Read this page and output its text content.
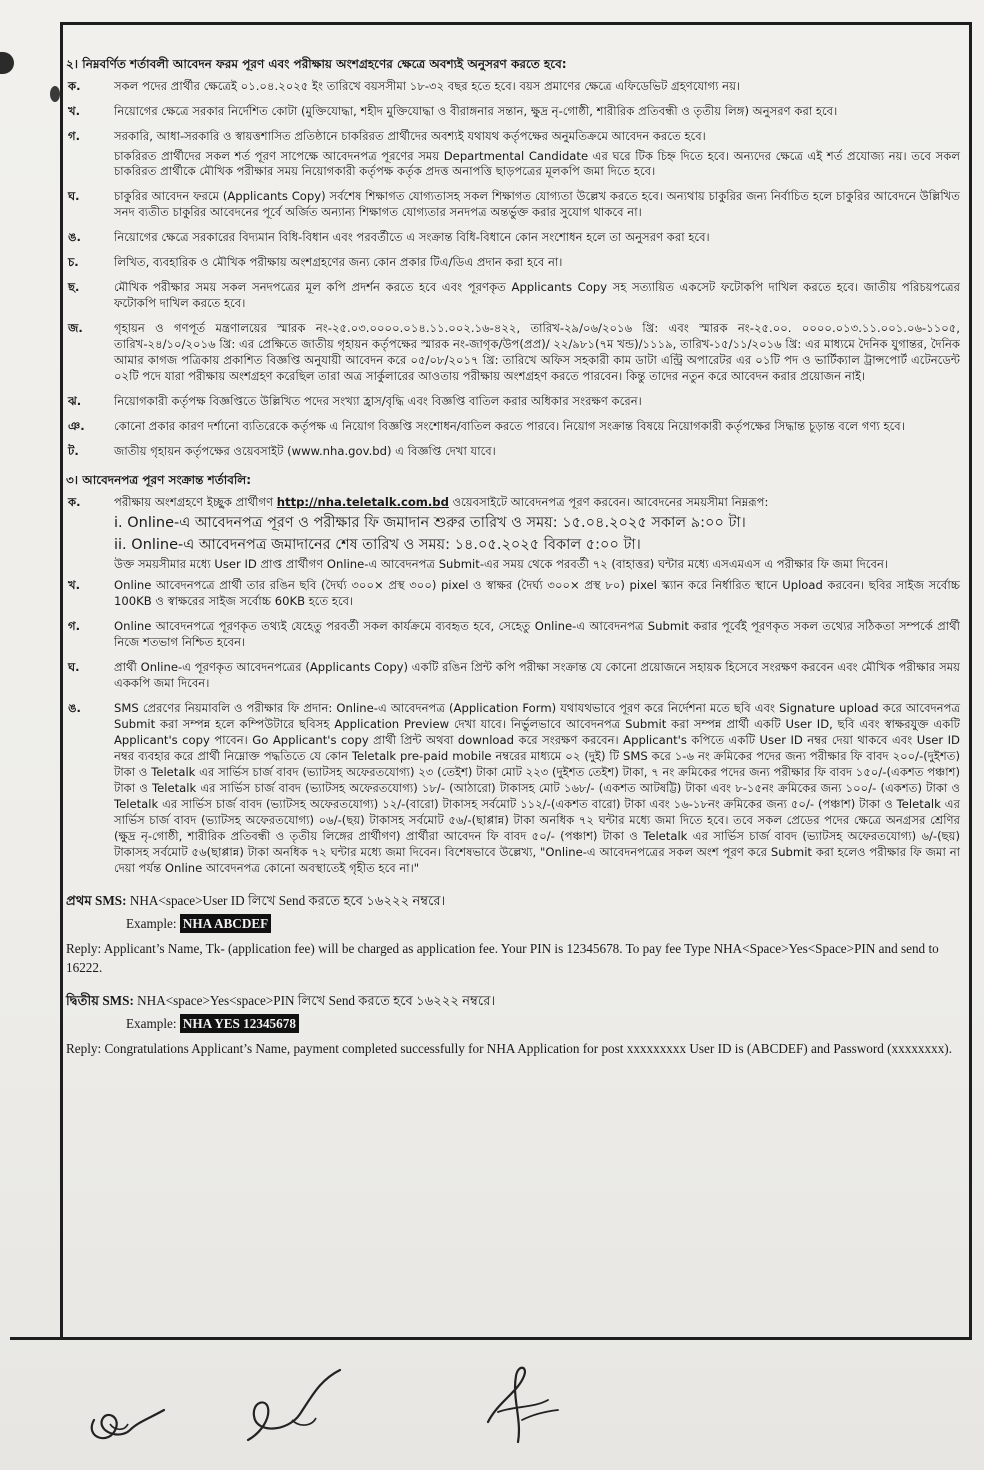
২। নিম্নবর্ণিত শর্তাবলী আবেদন ফরম পূরণ এবং পরীক্ষায় অংশগ্রহণের ক্ষেত্রে অবশ্যই অনুসরণ করতে হবে:
ক.	সকল পদের প্রার্থীর ক্ষেত্রেই ০১.০৪.২০২৫ ইং তারিখে বয়সসীমা ১৮-৩২ বছর হতে হবে। বয়স প্রমাণের ক্ষেত্রে এফিডেভিট গ্রহণযোগ্য নয়।

খ.	নিয়োগের ক্ষেত্রে সরকার নির্দেশিত কোটা (মুক্তিযোদ্ধা, শহীদ মুক্তিযোদ্ধা ও বীরাঙ্গনার সন্তান, ক্ষুদ্র নৃ-গোষ্ঠী, শারীরিক প্রতিবন্ধী ও তৃতীয় লিঙ্গ) অনুসরণ করা হবে।

গ.	সরকারি, আধা-সরকারি ও স্বায়ত্তশাসিত প্রতিষ্ঠানে চাকরিরত প্রার্থীদের অবশ্যই যথাযথ কর্তৃপক্ষের অনুমতিক্রমে আবেদন করতে হবে।

চাকরিরত প্রার্থীদের সকল শর্ত পূরণ সাপেক্ষে আবেদনপত্র পূরণের সময় Departmental Candidate এর ঘরে টিক চিহ্ন দিতে হবে। অন্যদের ক্ষেত্রে এই শর্ত প্রযোজ্য নয়। তবে সকল চাকরিরত প্রার্থীকে মৌখিক পরীক্ষার সময় নিয়োগকারী কর্তৃপক্ষ কর্তৃক প্রদত্ত অনাপত্তি ছাড়পত্রের মূলকপি জমা দিতে হবে।

ঘ.	চাকুরির আবেদন ফরমে (Applicants Copy) সর্বশেষ শিক্ষাগত যোগ্যতাসহ সকল শিক্ষাগত যোগ্যতা উল্লেখ করতে হবে। অন্যথায় চাকুরির জন্য নির্বাচিত হলে চাকুরির আবেদনে উল্লিখিত সনদ ব্যতীত চাকুরির আবেদনের পূর্বে অর্জিত অন্যান্য শিক্ষাগত যোগ্যতার সনদপত্র অন্তর্ভুক্ত করার সুযোগ থাকবে না।

ঙ.	নিয়োগের ক্ষেত্রে সরকারের বিদ্যমান বিধি-বিধান এবং পরবর্তীতে এ সংক্রান্ত বিধি-বিধানে কোন সংশোধন হলে তা অনুসরণ করা হবে।

চ.	লিখিত, ব্যবহারিক ও মৌখিক পরীক্ষায় অংশগ্রহণের জন্য কোন প্রকার টিএ/ডিএ প্রদান করা হবে না।

ছ.	মৌখিক পরীক্ষার সময় সকল সনদপত্রের মূল কপি প্রদর্শন করতে হবে এবং পূরণকৃত Applicants Copy সহ সত্যায়িত একসেট ফটোকপি দাখিল করতে হবে। জাতীয় পরিচয়পত্রের ফটোকপি দাখিল করতে হবে।

জ.	গৃহায়ন ও গণপূর্ত মন্ত্রণালয়ের স্মারক নং-২৫.০৩.০০০০.০১৪.১১.০০২.১৬-৪২২, তারিখ-২৯/০৬/২০১৬ খ্রি: এবং স্মারক নং-২৫.০০. ০০০০.০১৩.১১.০০১.০৬-১১০৫, তারিখ-২৪/১০/২০১৬ খ্রি: এর প্রেক্ষিতে জাতীয় গৃহায়ন কর্তৃপক্ষের স্মারক নং-জাগৃক/উপ(প্রপ্র)/ ২২/৯৮১(৭ম খন্ড)/১১১৯, তারিখ-১৫/১১/২০১৬ খ্রি: এর মাধ্যমে দৈনিক যুগান্তর, দৈনিক আমার কাগজ পত্রিকায় প্রকাশিত বিজ্ঞপ্তি অনুযায়ী আবেদন করে ০৫/০৮/২০১৭ খ্রি: তারিখে অফিস সহকারী কাম ডাটা এন্ট্রি অপারেটর এর ০১টি পদ ও ভার্টিক্যাল ট্রান্সপোর্ট এটেনডেন্ট ০২টি পদে যারা পরীক্ষায় অংশগ্রহণ করেছিল তারা অত্র সার্কুলারের আওতায় পরীক্ষায় অংশগ্রহণ করতে পারবেন। কিন্তু তাদের নতুন করে আবেদন করার প্রয়োজন নাই।

ঝ.	নিয়োগকারী কর্তৃপক্ষ বিজ্ঞপ্তিতে উল্লিখিত পদের সংখ্যা হ্রাস/বৃদ্ধি এবং বিজ্ঞপ্তি বাতিল করার অধিকার সংরক্ষণ করেন।

ঞ.	কোনো প্রকার কারণ দর্শানো ব্যতিরেকে কর্তৃপক্ষ এ নিয়োগ বিজ্ঞপ্তি সংশোধন/বাতিল করতে পারবে। নিয়োগ সংক্রান্ত বিষয়ে নিয়োগকারী কর্তৃপক্ষের সিদ্ধান্ত চূড়ান্ত বলে গণ্য হবে।

ট.	জাতীয় গৃহায়ন কর্তৃপক্ষের ওয়েবসাইট (www.nha.gov.bd) এ বিজ্ঞপ্তি দেখা যাবে।

৩। আবেদনপত্র পূরণ সংক্রান্ত শর্তাবলি:
ক.	পরীক্ষায় অংশগ্রহণে ইচ্ছুক প্রার্থীগণ http://nha.teletalk.com.bd ওয়েবসাইটে আবেদনপত্র পূরণ করবেন। আবেদনের সময়সীমা নিম্নরূপ:
i. Online-এ আবেদনপত্র পূরণ ও পরীক্ষার ফি জমাদান শুরুর তারিখ ও সময়: ১৫.০৪.২০২৫ সকাল ৯:০০ টা।
ii. Online-এ আবেদনপত্র জমাদানের শেষ তারিখ ও সময়: ১৪.০৫.২০২৫ বিকাল ৫:০০ টা।
উক্ত সময়সীমার মধ্যে User ID প্রাপ্ত প্রার্থীগণ Online-এ আবেদনপত্র Submit-এর সময় থেকে পরবর্তী ৭২ (বাহাত্তর) ঘন্টার মধ্যে এসএমএস এ পরীক্ষার ফি জমা দিবেন।
খ.	Online আবেদনপত্রে প্রার্থী তার রঙিন ছবি (দৈর্ঘ্য ৩০০× প্রস্থ ৩০০) pixel ও স্বাক্ষর (দৈর্ঘ্য ৩০০× প্রস্থ ৮০) pixel স্ক্যান করে নির্ধারিত স্থানে Upload করবেন। ছবির সাইজ সর্বোচ্চ 100KB ও স্বাক্ষরের সাইজ সর্বোচ্চ 60KB হতে হবে।

গ.	Online আবেদনপত্রে পূরণকৃত তথ্যই যেহেতু পরবর্তী সকল কার্যক্রমে ব্যবহৃত হবে, সেহেতু Online-এ আবেদনপত্র Submit করার পূর্বেই পূরণকৃত সকল তথ্যের সঠিকতা সম্পর্কে প্রার্থী নিজে শতভাগ নিশ্চিত হবেন।

ঘ.	প্রার্থী Online-এ পূরণকৃত আবেদনপত্রের (Applicants Copy) একটি রঙিন প্রিন্ট কপি পরীক্ষা সংক্রান্ত যে কোনো প্রয়োজনে সহায়ক হিসেবে সংরক্ষণ করবেন এবং মৌখিক পরীক্ষার সময় এককপি জমা দিবেন।

ঙ.	SMS প্রেরণের নিয়মাবলি ও পরীক্ষার ফি প্রদান: Online-এ আবেদনপত্র (Application Form) যথাযথভাবে পূরণ করে নির্দেশনা মতে ছবি এবং Signature upload করে আবেদনপত্র Submit করা সম্পন্ন হলে কম্পিউটারে ছবিসহ Application Preview দেখা যাবে। নির্ভুলভাবে আবেদনপত্র Submit করা সম্পন্ন প্রার্থী একটি User ID, ছবি এবং স্বাক্ষরযুক্ত একটি Applicant's copy পাবেন। Go Applicant's copy প্রার্থী প্রিন্ট অথবা download করে সংরক্ষণ করবেন। Applicant's কপিতে একটি User ID নম্বর দেয়া থাকবে এবং User ID নম্বর ব্যবহার করে প্রার্থী নিম্নোক্ত পদ্ধতিতে যে কোন Teletalk pre-paid mobile নম্বরের মাধ্যমে ০২ (দুই) টি SMS করে ১-৬ নং ক্রমিকের পদের জন্য পরীক্ষার ফি বাবদ ২০০/-(দুইশত) টাকা ও Teletalk এর সার্ভিস চার্জ বাবদ (ভ্যাটসহ অফেরতযোগ্য) ২৩ (তেইশ) টাকা মোট ২২৩ (দুইশত তেইশ) টাকা, ৭ নং ক্রমিকের পদের জন্য পরীক্ষার ফি বাবদ ১৫০/-(একশত পঞ্চাশ) টাকা ও Teletalk এর সার্ভিস চার্জ বাবদ (ভ্যাটসহ অফেরতযোগ্য) ১৮/- (আঠারো) টাকাসহ মোট ১৬৮/- (একশত আটষট্টি) টাকা এবং ৮-১৫নং ক্রমিকের জন্য ১০০/- (একশত) টাকা ও Teletalk এর সার্ভিস চার্জ বাবদ (ভ্যাটসহ অফেরতযোগ্য) ১২/-(বারো) টাকাসহ সর্বমোট ১১২/-(একশত বারো) টাকা এবং ১৬-১৮নং ক্রমিকের জন্য ৫০/- (পঞ্চাশ) টাকা ও Teletalk এর সার্ভিস চার্জ বাবদ (ভ্যাটসহ অফেরতযোগ্য) ০৬/-(ছয়) টাকাসহ সর্বমোট ৫৬/-(ছাপ্পান্ন) টাকা অনধিক ৭২ ঘন্টার মধ্যে জমা দিতে হবে। তবে সকল প্রেডের পদের ক্ষেত্রে অনগ্রসর শ্রেণির (ক্ষুদ্র নৃ-গোষ্ঠী, শারীরিক প্রতিবন্ধী ও তৃতীয় লিঙ্গের প্রার্থীগণ) প্রার্থীরা আবেদন ফি বাবদ ৫০/- (পঞ্চাশ) টাকা ও Teletalk এর সার্ভিস চার্জ বাবদ (ভ্যাটসহ অফেরতযোগ্য) ৬/-(ছয়) টাকাসহ সর্বমোট ৫৬(ছাপ্পান্ন) টাকা অনধিক ৭২ ঘন্টার মধ্যে জমা দিবেন। বিশেষভাবে উল্লেখ্য, "Online-এ আবেদনপত্রের সকল অংশ পূরণ করে Submit করা হলেও পরীক্ষার ফি জমা না দেয়া পর্যন্ত Online আবেদনপত্র কোনো অবস্থাতেই গৃহীত হবে না।"

প্রথম SMS: NHA<space>User ID লিখে Send করতে হবে ১৬২২২ নম্বরে।
Example: NHA ABCDEF
Reply: Applicant’s Name, Tk- (application fee) will be charged as application fee. Your PIN is 12345678. To pay fee Type NHA<Space>Yes<Space>PIN and send to 16222.
দ্বিতীয় SMS: NHA<space>Yes<space>PIN লিখে Send করতে হবে ১৬২২২ নম্বরে।
Example: NHA YES 12345678
Reply: Congratulations Applicant’s Name, payment completed successfully for NHA Application for post xxxxxxxxx User ID is (ABCDEF) and Password (xxxxxxxx).
